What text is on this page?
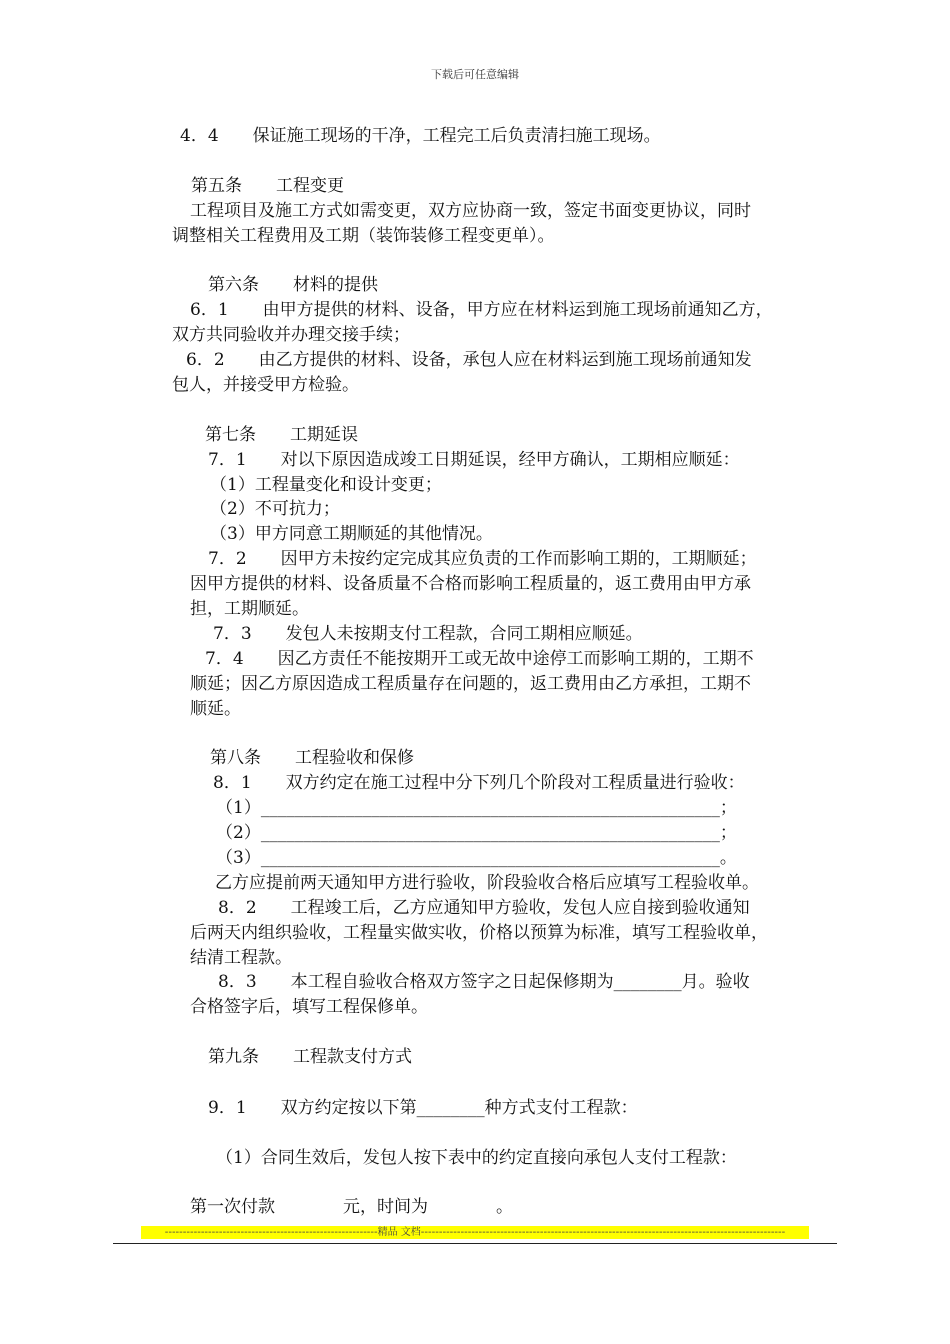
下载后可任意编辑
4．4　　保证施工现场的干净，工程完工后负责清扫施工现场。
第五条　　工程变更
工程项目及施工方式如需变更，双方应协商一致，签定书面变更协议，同时
调整相关工程费用及工期（装饰装修工程变更单）。
第六条　　材料的提供
6．1　　由甲方提供的材料、设备，甲方应在材料运到施工现场前通知乙方，
双方共同验收并办理交接手续；
6．2　　由乙方提供的材料、设备，承包人应在材料运到施工现场前通知发
包人，并接受甲方检验。
第七条　　工期延误
7．1　　对以下原因造成竣工日期延误，经甲方确认，工期相应顺延：
（1）工程量变化和设计变更；
（2）不可抗力；
（3）甲方同意工期顺延的其他情况。
7．2　　因甲方未按约定完成其应负责的工作而影响工期的，工期顺延；
因甲方提供的材料、设备质量不合格而影响工程质量的，返工费用由甲方承
担，工期顺延。
7．3　　发包人未按期支付工程款，合同工期相应顺延。
7．4　　因乙方责任不能按期开工或无故中途停工而影响工期的，工期不
顺延；因乙方原因造成工程质量存在问题的，返工费用由乙方承担，工期不
顺延。
第八条　　工程验收和保修
8．1　　双方约定在施工过程中分下列几个阶段对工程质量进行验收：
（1）______________________________________________________；
（2）______________________________________________________；
（3）______________________________________________________。
乙方应提前两天通知甲方进行验收，阶段验收合格后应填写工程验收单。
8．2　　工程竣工后，乙方应通知甲方验收，发包人应自接到验收通知
后两天内组织验收，工程量实做实收，价格以预算为标准，填写工程验收单，
结清工程款。
8．3　　本工程自验收合格双方签字之日起保修期为________月。验收
合格签字后，填写工程保修单。
第九条　　工程款支付方式
9．1　　双方约定按以下第________种方式支付工程款：
（1）合同生效后，发包人按下表中的约定直接向承包人支付工程款：
第一次付款　　　　元，时间为　　　　。
-----------------------------------------------------------精品 文档-----------------------------------------------------------------------------------------------------
